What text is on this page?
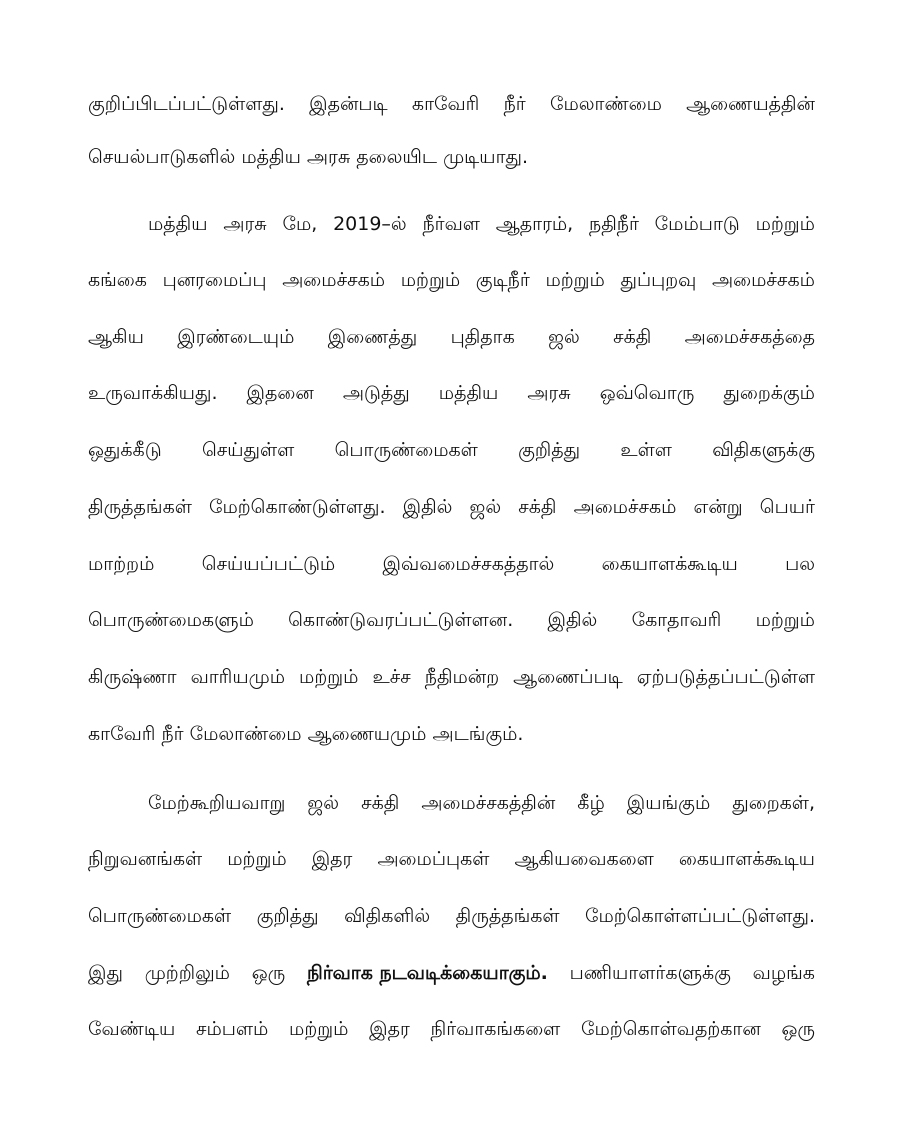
குறிப்பிடப்பட்டுள்ளது. இதன்படி காவேரி நீர் மேலாண்மை ஆணையத்தின்
செயல்பாடுகளில் மத்திய அரசு தலையிட முடியாது.
மத்திய அரசு மே, 2019–ல் நீர்வள ஆதாரம், நதிநீர் மேம்பாடு மற்றும்
கங்கை புனரமைப்பு அமைச்சகம் மற்றும் குடிநீர் மற்றும் துப்புறவு அமைச்சகம்
ஆகிய இரண்டையும் இணைத்து புதிதாக ஜல் சக்தி அமைச்சகத்தை
உருவாக்கியது. இதனை அடுத்து மத்திய அரசு ஒவ்வொரு துறைக்கும்
ஒதுக்கீடு செய்துள்ள பொருண்மைகள் குறித்து உள்ள விதிகளுக்கு
திருத்தங்கள் மேற்கொண்டுள்ளது. இதில் ஜல் சக்தி அமைச்சகம் என்று பெயர்
மாற்றம் செய்யப்பட்டும் இவ்வமைச்சகத்தால் கையாளக்கூடிய பல
பொருண்மைகளும் கொண்டுவரப்பட்டுள்ளன. இதில் கோதாவரி மற்றும்
கிருஷ்ணா வாரியமும் மற்றும் உச்ச நீதிமன்ற ஆணைப்படி ஏற்படுத்தப்பட்டுள்ள
காவேரி நீர் மேலாண்மை ஆணையமும் அடங்கும்.
மேற்கூறியவாறு ஜல் சக்தி அமைச்சகத்தின் கீழ் இயங்கும் துறைகள்,
நிறுவனங்கள் மற்றும் இதர அமைப்புகள் ஆகியவைகளை கையாளக்கூடிய
பொருண்மைகள் குறித்து விதிகளில் திருத்தங்கள் மேற்கொள்ளப்பட்டுள்ளது.
இது முற்றிலும் ஒரு நிர்வாக நடவடிக்கையாகும். பணியாளர்களுக்கு வழங்க
வேண்டிய சம்பளம் மற்றும் இதர நிர்வாகங்களை மேற்கொள்வதற்கான ஒரு
